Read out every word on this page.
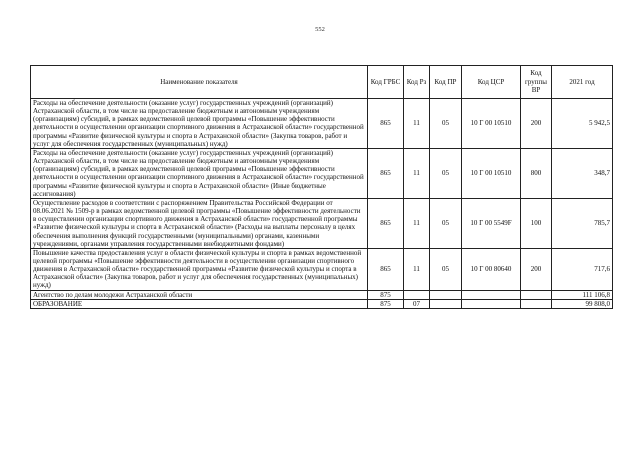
552
Наименование показателя	Код ГРБС	Код Рз	Код ПР	Код ЦСР	Код группы ВР	2021 год
Расходы на обеспечение деятельности (оказание услуг) государственных учреждений (организаций) Астраханской области, в том числе на предоставление бюджетным и автономным учреждениям (организациям) субсидий, в рамках ведомственной целевой программы «Повышение эффективности деятельности в осуществлении организации спортивного движения в Астраханской области» государственной программы «Развитие физической культуры и спорта в Астраханской области» (Закупка товаров, работ и услуг для обеспечения государственных (муниципальных) нужд)	865	11	05	10 Г 00 10510	200	5 942,5
Расходы на обеспечение деятельности (оказание услуг) государственных учреждений (организаций) Астраханской области, в том числе на предоставление бюджетным и автономным учреждениям (организациям) субсидий, в рамках ведомственной целевой программы «Повышение эффективности деятельности в осуществлении организации спортивного движения в Астраханской области» государственной программы «Развитие физической культуры и спорта в Астраханской области» (Иные бюджетные ассигнования)	865	11	05	10 Г 00 10510	800	348,7
Осуществление расходов в соответствии с распоряжением Правительства Российской Федерации от 08.06.2021 № 1509-р в рамках ведомственной целевой программы «Повышение эффективности деятельности в осуществлении организации спортивного движения в Астраханской области» государственной программы «Развитие физической культуры и спорта в Астраханской области» (Расходы на выплаты персоналу в целях обеспечения выполнения функций государственными (муниципальными) органами, казенными учреждениями, органами управления государственными внебюджетными фондами)	865	11	05	10 Г 00 5549F	100	785,7
Повышение качества предоставления услуг в области физической культуры и спорта в рамках ведомственной целевой программы «Повышение эффективности деятельности в осуществлении организации спортивного движения в Астраханской области» государственной программы «Развитие физической культуры и спорта в Астраханской области» (Закупка товаров, работ и услуг для обеспечения государственных (муниципальных) нужд)	865	11	05	10 Г 00 80640	200	717,6
Агентство по делам молодежи Астраханской области	875					111 106,8
ОБРАЗОВАНИЕ	875	07				99 808,0
